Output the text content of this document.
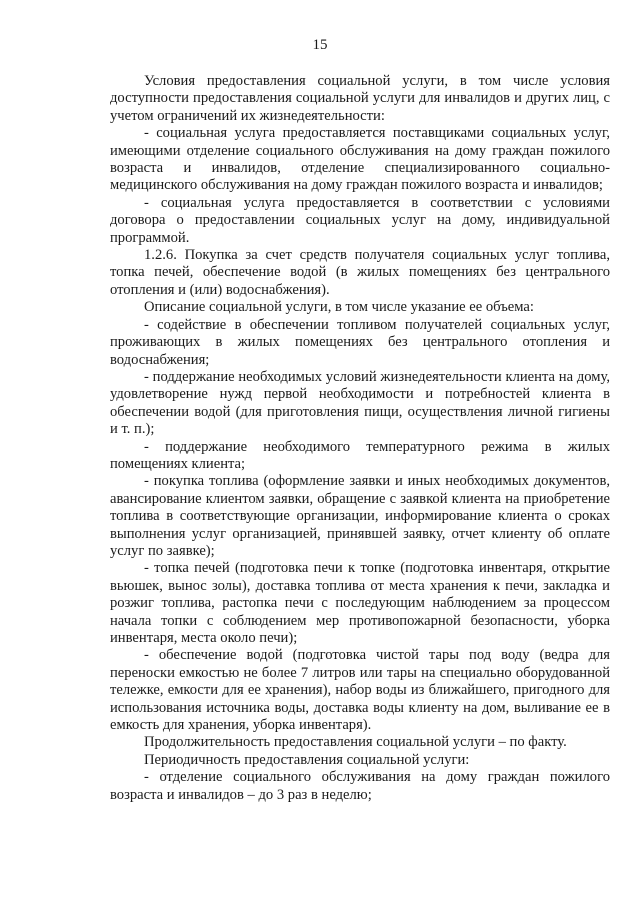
15

Условия предоставления социальной услуги, в том числе условия доступности предоставления социальной услуги для инвалидов и других лиц, с учетом ограничений их жизнедеятельности:

- социальная услуга предоставляется поставщиками социальных услуг, имеющими отделение социального обслуживания на дому граждан пожилого возраста и инвалидов, отделение специализированного социально-медицинского обслуживания на дому граждан пожилого возраста и инвалидов;

- социальная услуга предоставляется в соответствии с условиями договора о предоставлении социальных услуг на дому, индивидуальной программой.

1.2.6. Покупка за счет средств получателя социальных услуг топлива, топка печей, обеспечение водой (в жилых помещениях без центрального отопления и (или) водоснабжения).

Описание социальной услуги, в том числе указание ее объема:

- содействие в обеспечении топливом получателей социальных услуг, проживающих в жилых помещениях без центрального отопления и водоснабжения;

- поддержание необходимых условий жизнедеятельности клиента на дому, удовлетворение нужд первой необходимости и потребностей клиента в обеспечении водой (для приготовления пищи, осуществления личной гигиены и т. п.);

- поддержание необходимого температурного режима в жилых помещениях клиента;

- покупка топлива (оформление заявки и иных необходимых документов, авансирование клиентом заявки, обращение с заявкой клиента на приобретение топлива в соответствующие организации, информирование клиента о сроках выполнения услуг организацией, принявшей заявку, отчет клиенту об оплате услуг по заявке);

- топка печей (подготовка печи к топке (подготовка инвентаря, открытие вьюшек, вынос золы), доставка топлива от места хранения к печи, закладка и розжиг топлива, растопка печи с последующим наблюдением за процессом начала топки с соблюдением мер противопожарной безопасности, уборка инвентаря, места около печи);

- обеспечение водой (подготовка чистой тары под воду (ведра для переноски емкостью не более 7 литров или тары на специально оборудованной тележке, емкости для ее хранения), набор воды из ближайшего, пригодного для использования источника воды, доставка воды клиенту на дом, выливание ее в емкость для хранения, уборка инвентаря).

Продолжительность предоставления социальной услуги – по факту.

Периодичность предоставления социальной услуги:

- отделение социального обслуживания на дому граждан пожилого возраста и инвалидов – до 3 раз в неделю;
